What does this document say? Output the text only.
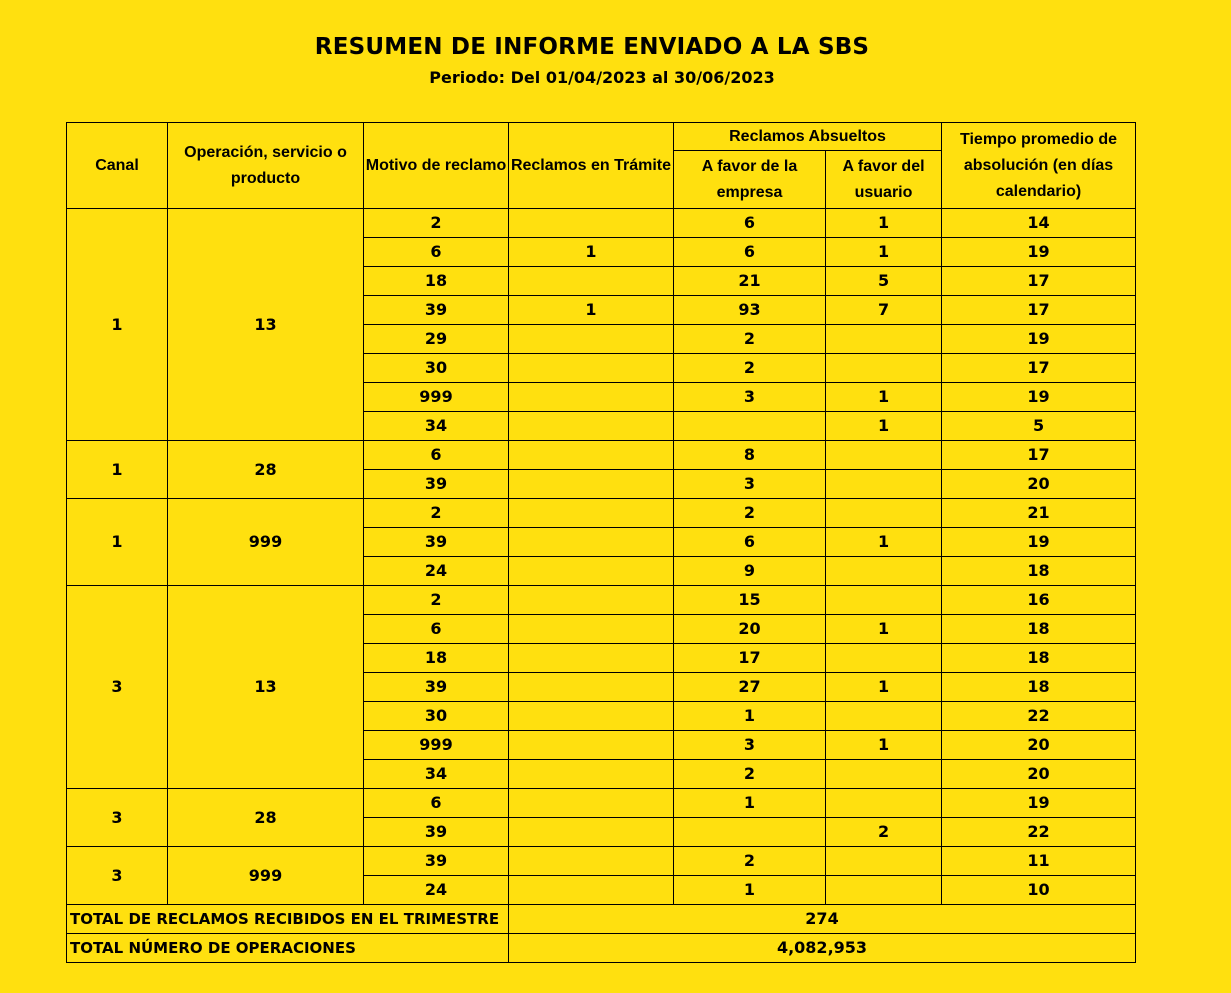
RESUMEN DE INFORME ENVIADO A LA SBS
Periodo: Del 01/04/2023 al 30/06/2023
Canal	Operación, servicio o producto	Motivo de reclamo	Reclamos en Trámite	Reclamos Absueltos		Tiempo promedio de absolución (en días calendario)
				A favor de la empresa	A favor del usuario	
1	13	2		6	1	14
		6	1	6	1	19
		18		21	5	17
		39	1	93	7	17
		29		2		19
		30		2		17
		999		3	1	19
		34			1	5
1	28	6		8		17
		39		3		20
1	999	2		2		21
		39		6	1	19
		24		9		18
3	13	2		15		16
		6		20	1	18
		18		17		18
		39		27	1	18
		30		1		22
		999		3	1	20
		34		2		20
3	28	6		1		19
		39			2	22
3	999	39		2		11
		24		1		10
TOTAL DE RECLAMOS RECIBIDOS EN EL TRIMESTRE			274			
TOTAL NÚMERO DE OPERACIONES			4,082,953			
